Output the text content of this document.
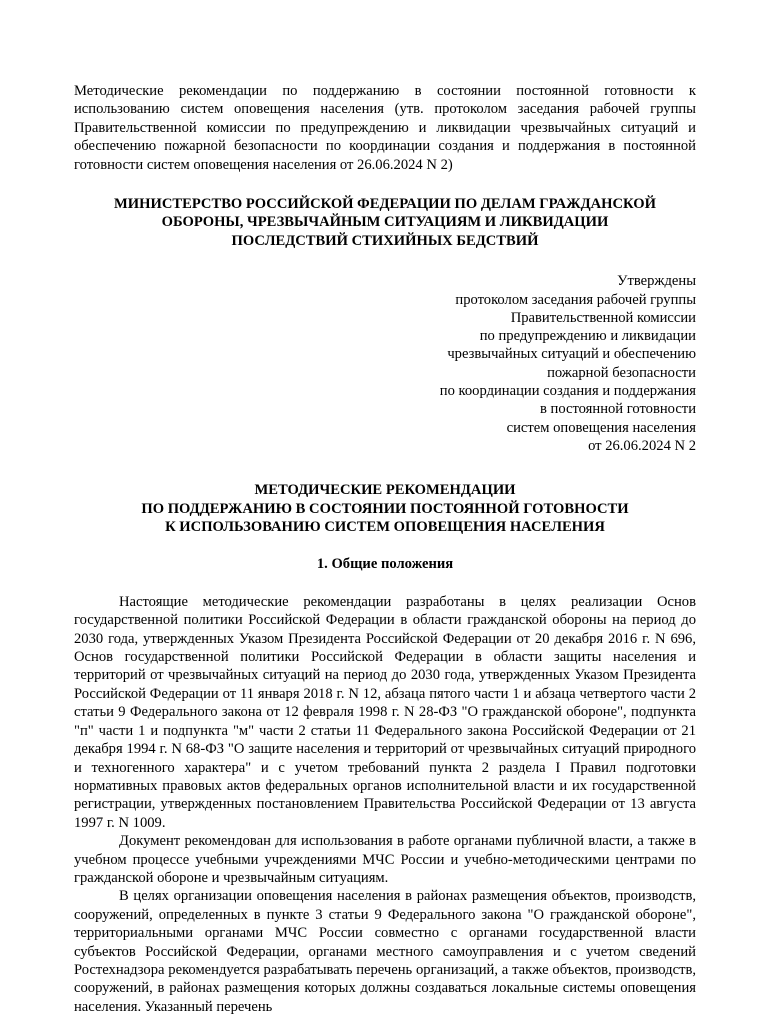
Методические рекомендации по поддержанию в состоянии постоянной готовности к использованию систем оповещения населения (утв. протоколом заседания рабочей группы Правительственной комиссии по предупреждению и ликвидации чрезвычайных ситуаций и обеспечению пожарной безопасности по координации создания и поддержания в постоянной готовности систем оповещения населения от 26.06.2024 N 2)

МИНИСТЕРСТВО РОССИЙСКОЙ ФЕДЕРАЦИИ ПО ДЕЛАМ ГРАЖДАНСКОЙ
ОБОРОНЫ, ЧРЕЗВЫЧАЙНЫМ СИТУАЦИЯМ И ЛИКВИДАЦИИ
ПОСЛЕДСТВИЙ СТИХИЙНЫХ БЕДСТВИЙ
Утверждены
протоколом заседания рабочей группы
Правительственной комиссии
по предупреждению и ликвидации
чрезвычайных ситуаций и обеспечению
пожарной безопасности
по координации создания и поддержания
в постоянной готовности
систем оповещения населения
от 26.06.2024 N 2
МЕТОДИЧЕСКИЕ РЕКОМЕНДАЦИИ
ПО ПОДДЕРЖАНИЮ В СОСТОЯНИИ ПОСТОЯННОЙ ГОТОВНОСТИ
К ИСПОЛЬЗОВАНИЮ СИСТЕМ ОПОВЕЩЕНИЯ НАСЕЛЕНИЯ
1. Общие положения

Настоящие методические рекомендации разработаны в целях реализации Основ государственной политики Российской Федерации в области гражданской обороны на период до 2030 года, утвержденных Указом Президента Российской Федерации от 20 декабря 2016 г. N 696, Основ государственной политики Российской Федерации в области защиты населения и территорий от чрезвычайных ситуаций на период до 2030 года, утвержденных Указом Президента Российской Федерации от 11 января 2018 г. N 12, абзаца пятого части 1 и абзаца четвертого части 2 статьи 9 Федерального закона от 12 февраля 1998 г. N 28-ФЗ "О гражданской обороне", подпункта "п" части 1 и подпункта "м" части 2 статьи 11 Федерального закона Российской Федерации от 21 декабря 1994 г. N 68-ФЗ "О защите населения и территорий от чрезвычайных ситуаций природного и техногенного характера" и с учетом требований пункта 2 раздела I Правил подготовки нормативных правовых актов федеральных органов исполнительной власти и их государственной регистрации, утвержденных постановлением Правительства Российской Федерации от 13 августа 1997 г. N 1009.

Документ рекомендован для использования в работе органами публичной власти, а также в учебном процессе учебными учреждениями МЧС России и учебно-методическими центрами по гражданской обороне и чрезвычайным ситуациям.

В целях организации оповещения населения в районах размещения объектов, производств, сооружений, определенных в пункте 3 статьи 9 Федерального закона "О гражданской обороне", территориальными органами МЧС России совместно с органами государственной власти субъектов Российской Федерации, органами местного самоуправления и с учетом сведений Ростехнадзора рекомендуется разрабатывать перечень организаций, а также объектов, производств, сооружений, в районах размещения которых должны создаваться локальные системы оповещения населения. Указанный перечень
